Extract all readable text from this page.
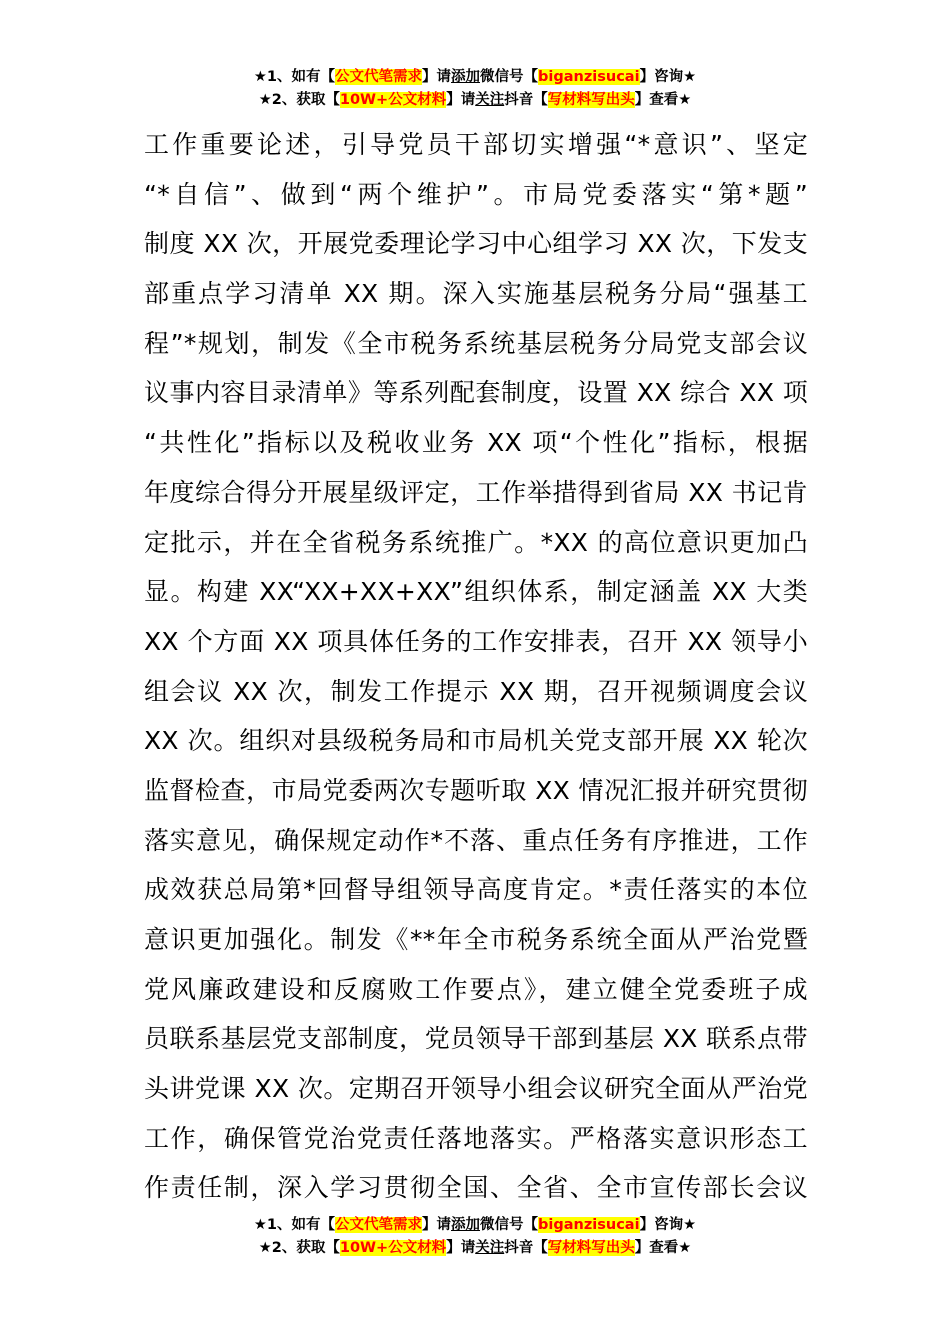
★1、如有【公文代笔需求】请添加微信号【biganzisucai】咨询★
★2、获取【10W+公文材料】请关注抖音【写材料写出头】查看★
工作重要论述，引导党员干部切实增强“*意识”、坚定
“*自信”、做到“两个维护”。市局党委落实“第*题”
制度 XX 次，开展党委理论学习中心组学习 XX 次，下发支
部重点学习清单 XX 期。深入实施基层税务分局“强基工
程”*规划，制发《全市税务系统基层税务分局党支部会议
议事内容目录清单》等系列配套制度，设置 XX 综合 XX 项
“共性化”指标以及税收业务 XX 项“个性化”指标，根据
年度综合得分开展星级评定，工作举措得到省局 XX 书记肯
定批示，并在全省税务系统推广。*XX 的高位意识更加凸
显。构建 XX“XX+XX+XX”组织体系，制定涵盖 XX 大类
XX 个方面 XX 项具体任务的工作安排表，召开 XX 领导小
组会议 XX 次，制发工作提示 XX 期，召开视频调度会议
XX 次。组织对县级税务局和市局机关党支部开展 XX 轮次
监督检查，市局党委两次专题听取 XX 情况汇报并研究贯彻
落实意见，确保规定动作*不落、重点任务有序推进，工作
成效获总局第*回督导组领导高度肯定。*责任落实的本位
意识更加强化。制发《**年全市税务系统全面从严治党暨
党风廉政建设和反腐败工作要点》，建立健全党委班子成
员联系基层党支部制度，党员领导干部到基层 XX 联系点带
头讲党课 XX 次。定期召开领导小组会议研究全面从严治党
工作，确保管党治党责任落地落实。严格落实意识形态工
作责任制，深入学习贯彻全国、全省、全市宣传部长会议
★1、如有【公文代笔需求】请添加微信号【biganzisucai】咨询★
★2、获取【10W+公文材料】请关注抖音【写材料写出头】查看★
